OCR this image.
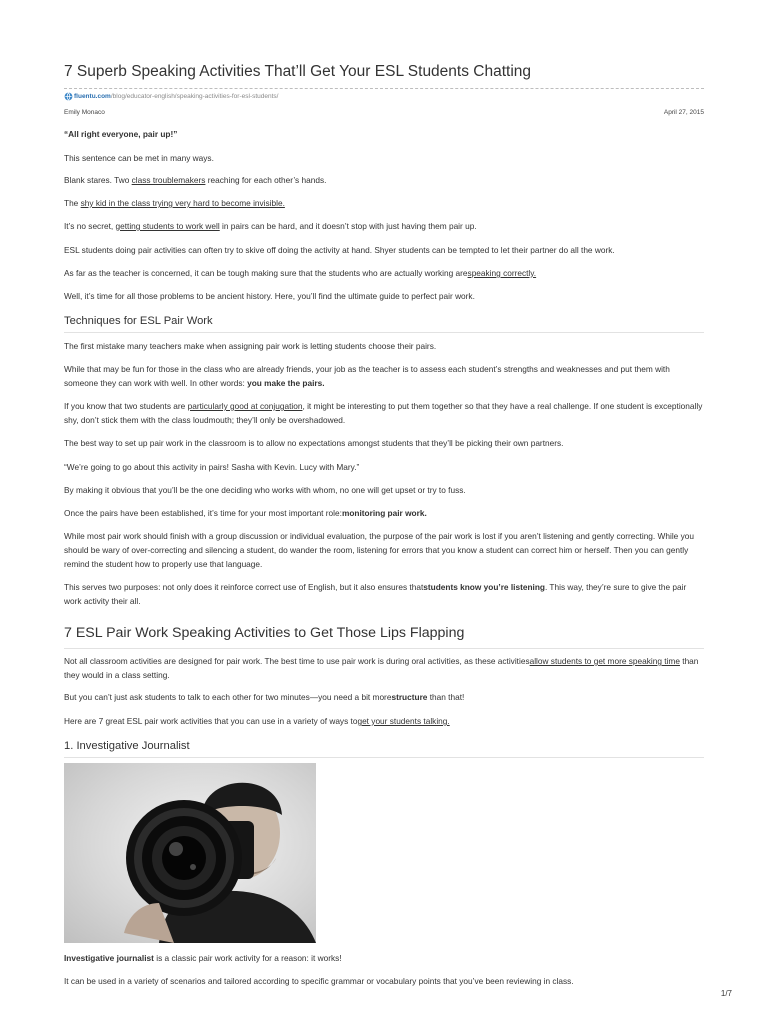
7 Superb Speaking Activities That’ll Get Your ESL Students Chatting
fluentu.com /blog/educator-english/speaking-activities-for-esl-students/
Emily Monaco	April 27, 2015

“All right everyone, pair up!”

This sentence can be met in many ways.

Blank stares. Two class troublemakers reaching for each other’s hands.

The shy kid in the class trying very hard to become invisible.

It’s no secret, getting students to work well in pairs can be hard, and it doesn’t stop with just having them pair up.

ESL students doing pair activities can often try to skive off doing the activity at hand. Shyer students can be tempted to let their partner do all the work.

As far as the teacher is concerned, it can be tough making sure that the students who are actually working arespeaking correctly.

Well, it’s time for all those problems to be ancient history. Here, you’ll find the ultimate guide to perfect pair work.

Techniques for ESL Pair Work

The first mistake many teachers make when assigning pair work is letting students choose their pairs.

While that may be fun for those in the class who are already friends, your job as the teacher is to assess each student’s strengths and weaknesses and put them with someone they can work with well. In other words: you make the pairs.

If you know that two students are particularly good at conjugation, it might be interesting to put them together so that they have a real challenge. If one student is exceptionally shy, don’t stick them with the class loudmouth; they’ll only be overshadowed.

The best way to set up pair work in the classroom is to allow no expectations amongst students that they’ll be picking their own partners.

“We’re going to go about this activity in pairs! Sasha with Kevin. Lucy with Mary.”

By making it obvious that you’ll be the one deciding who works with whom, no one will get upset or try to fuss.

Once the pairs have been established, it’s time for your most important role:monitoring pair work.

While most pair work should finish with a group discussion or individual evaluation, the purpose of the pair work is lost if you aren’t listening and gently correcting. While you should be wary of over-correcting and silencing a student, do wander the room, listening for errors that you know a student can correct him or herself. Then you can gently remind the student how to properly use that language.

This serves two purposes: not only does it reinforce correct use of English, but it also ensures thatstudents know you’re listening. This way, they’re sure to give the pair work activity their all.

7 ESL Pair Work Speaking Activities to Get Those Lips Flapping

Not all classroom activities are designed for pair work. The best time to use pair work is during oral activities, as these activitiesallow students to get more speaking time than they would in a class setting.

But you can’t just ask students to talk to each other for two minutes—you need a bit morestructure than that!

Here are 7 great ESL pair work activities that you can use in a variety of ways toget your students talking.

1. Investigative Journalist

Investigative journalist is a classic pair work activity for a reason: it works!

It can be used in a variety of scenarios and tailored according to specific grammar or vocabulary points that you’ve been reviewing in class.

1/7
